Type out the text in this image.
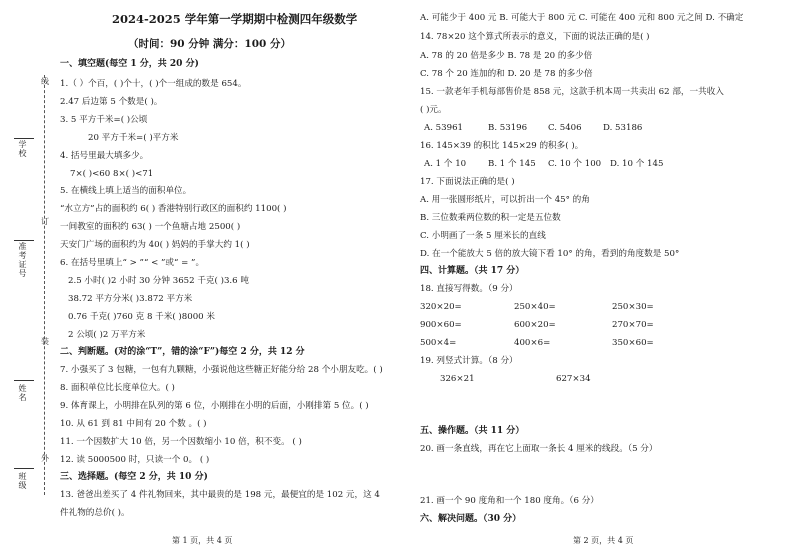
2024-2025 学年第一学期期中检测四年级数学
（时间：90 分钟 满分：100 分）
线
订
装
外
学校
准考证号
姓名
班级
一、填空题(每空 1 分，共 20 分)
1.（ ）个百，( )个十，( )个一组成的数是 654。
2.47 后边第 5 个数是( )。
3. 5 平方千米=( )公顷
20 平方千米=( )平方米
4. 括号里最大填多少。
7×( )<60 8×( )<71
5. 在横线上填上适当的面积单位。
“水立方”占的面积约 6( ) 香港特别行政区的面积约 1100( )
一间教室的面积约 63( ) 一个鱼塘占地 2500( )
天安门广场的面积约为 40( ) 妈妈的手掌大约 1( )
6. 在括号里填上“ > ”“ < ”或“ = ”。
2.5 小时( )2 小时 30 分钟 3652 千克( )3.6 吨
38.72 平方分米( )3.872 平方米
0.76 千克( )760 克 8 千米( )8000 米
2 公顷( )2 万平方米
二、判断题。(对的涂“T”，错的涂“F”)每空 2 分，共 12 分
7. 小强买了 3 包糖，一包有九颗糖，小强说他这些糖正好能分给 28 个小朋友吃。( )
8. 面积单位比长度单位大。( )
9. 体育课上，小明排在队列的第 6 位，小刚排在小明的后面，小刚排第 5 位。( )
10. 从 61 到 81 中间有 20 个数 。( )
11. 一个因数扩大 10 倍，另一个因数缩小 10 倍，积不变。 ( )
12. 读 5000500 时，只读一个 0。 ( )
三、选择题。(每空 2 分，共 10 分)
13. 爸爸出差买了 4 件礼物回来，其中最贵的是 198 元，最便宜的是 102 元，这 4
件礼物的总价( )。
第 1 页，共 4 页
A. 可能少于 400 元 B. 可能大于 800 元 C. 可能在 400 元和 800 元之间 D. 不确定
14. 78×20 这个算式所表示的意义，下面的说法正确的是( )
A. 78 的 20 倍是多少 B. 78 是 20 的多少倍
C. 78 个 20 连加的和 D. 20 是 78 的多少倍
15. 一款老年手机每部售价是 858 元，这款手机本周一共卖出 62 部，一共收入
( )元。
A. 53961	B. 53196 C. 5406 D. 53186
16. 145×39 的积比 145×29 的积多( )。
A. 1 个 10	B. 1 个 145 C. 10 个 100 D. 10 个 145
17. 下面说法正确的是( )
A. 用一张圆形纸片，可以折出一个 45° 的角
B. 三位数乘两位数的积一定是五位数
C. 小明画了一条 5 厘米长的直线
D. 在一个能放大 5 倍的放大镜下看 10° 的角，看到的角度数是 50°
四、计算题。（共 17 分）
18. 直接写得数。（9 分）
320×20=	250×40=	250×30=
900×60=	600×20=	270×70=
500×4=	400×6=	350×60=
19. 列竖式计算。（8 分）
326×21	627×34
五、操作题。（共 11 分）
20. 画一条直线，再在它上面取一条长 4 厘米的线段。（5 分）
21. 画一个 90 度角和一个 180 度角。（6 分）
六、解决问题。（30 分）
第 2 页，共 4 页
